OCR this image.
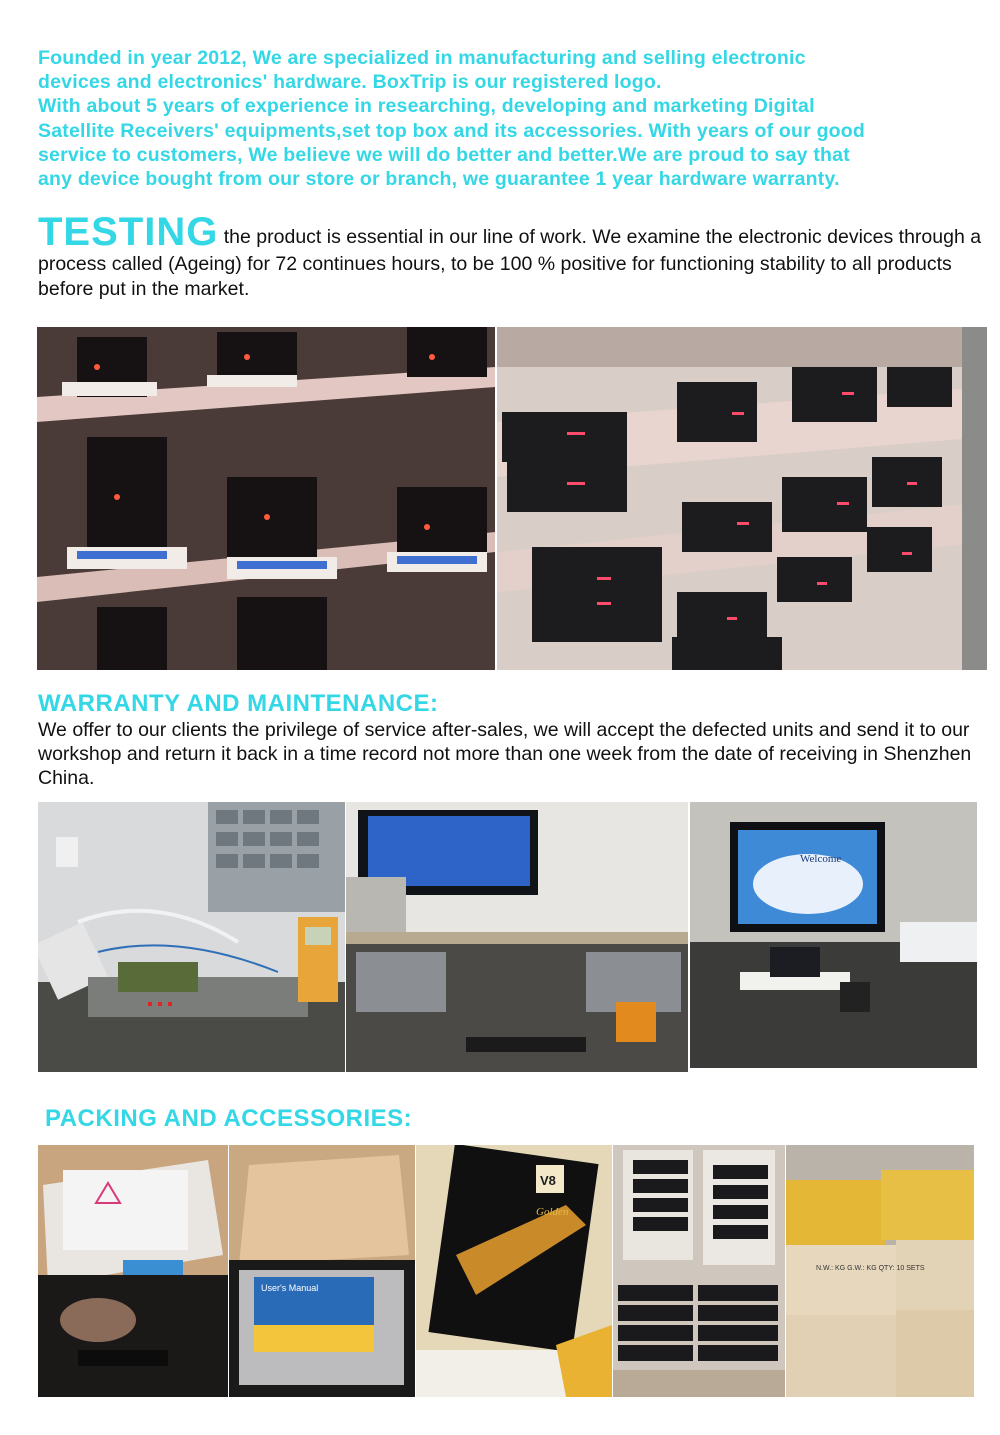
Founded in year 2012, We are specialized in manufacturing and selling electronic

devices and electronics' hardware. BoxTrip is our registered logo.

With about 5 years of experience in researching, developing and marketing Digital

Satellite Receivers' equipments,set top box and its accessories. With years of our good

service to customers, We believe we will do better and better.We are proud to say that

any device bought from our store or branch, we guarantee 1 year hardware warranty.

TESTING the product is essential in our line of work. We examine the electronic devices through a process called (Ageing) for 72 continues hours, to be 100 % positive for functioning stability to all products before put in the market.
WARRANTY AND MAINTENANCE:
We offer to our clients the privilege of service after-sales, we will accept the defected units and send it to our workshop and return it back in a time record not more than one week from the date of receiving in Shenzhen China.
Welcome
PACKING AND ACCESSORIES:
User's Manual
V8
Golden
N.W.: KG G.W.: KG QTY: 10 SETS
